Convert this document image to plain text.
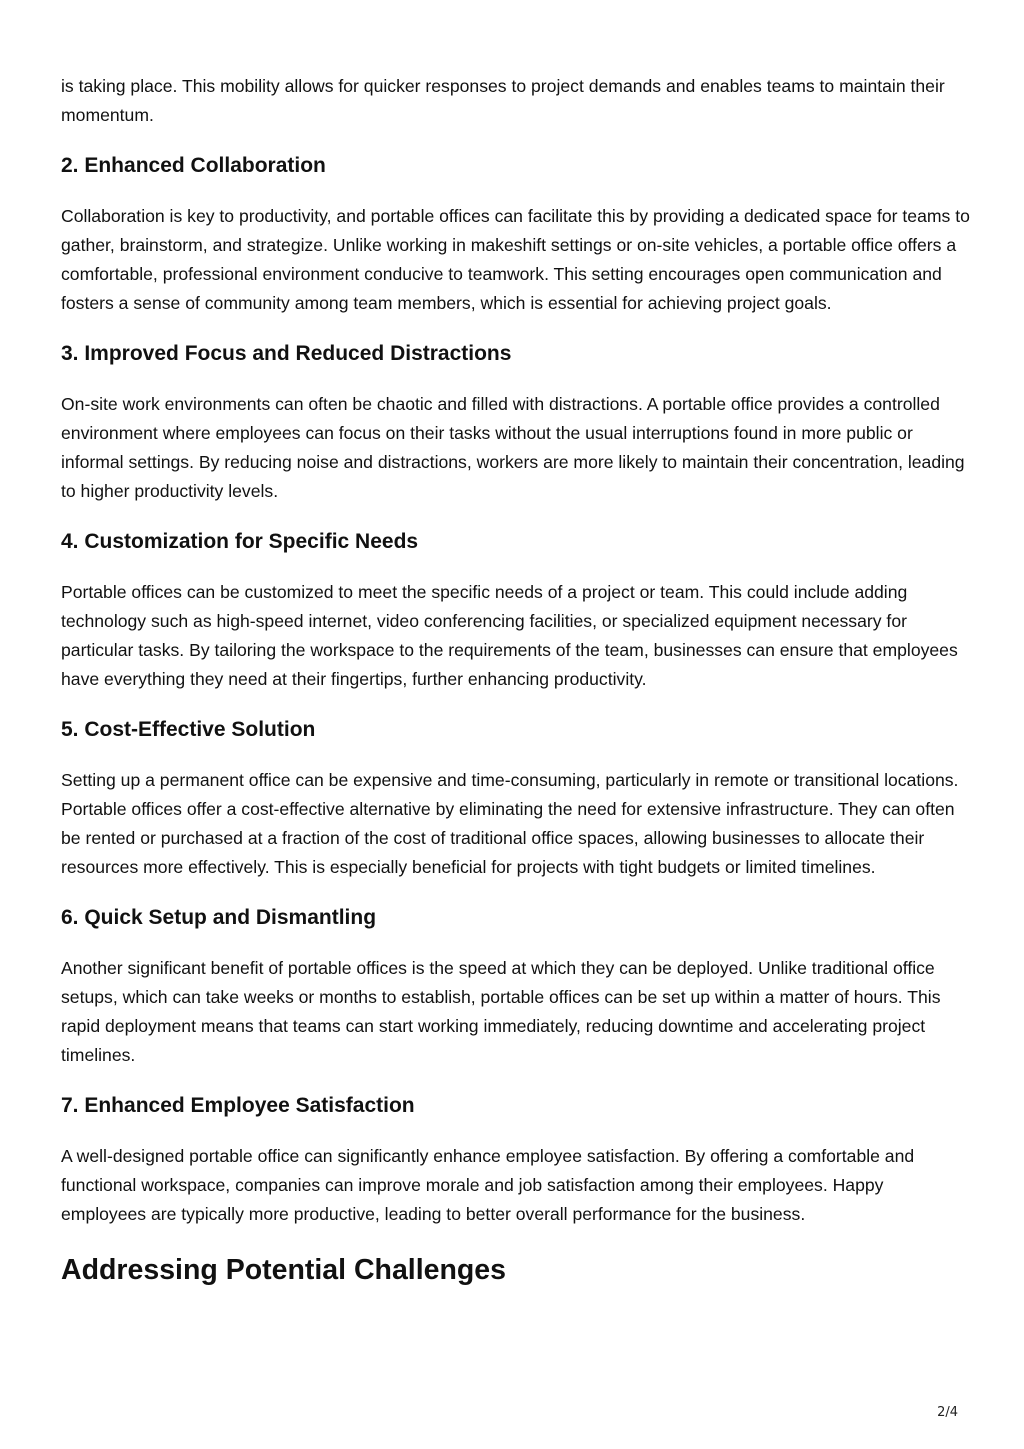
is taking place. This mobility allows for quicker responses to project demands and enables teams to maintain their momentum.

2. Enhanced Collaboration

Collaboration is key to productivity, and portable offices can facilitate this by providing a dedicated space for teams to gather, brainstorm, and strategize. Unlike working in makeshift settings or on-site vehicles, a portable office offers a comfortable, professional environment conducive to teamwork. This setting encourages open communication and fosters a sense of community among team members, which is essential for achieving project goals.

3. Improved Focus and Reduced Distractions

On-site work environments can often be chaotic and filled with distractions. A portable office provides a controlled environment where employees can focus on their tasks without the usual interruptions found in more public or informal settings. By reducing noise and distractions, workers are more likely to maintain their concentration, leading to higher productivity levels.

4. Customization for Specific Needs

Portable offices can be customized to meet the specific needs of a project or team. This could include adding technology such as high-speed internet, video conferencing facilities, or specialized equipment necessary for particular tasks. By tailoring the workspace to the requirements of the team, businesses can ensure that employees have everything they need at their fingertips, further enhancing productivity.

5. Cost-Effective Solution

Setting up a permanent office can be expensive and time-consuming, particularly in remote or transitional locations. Portable offices offer a cost-effective alternative by eliminating the need for extensive infrastructure. They can often be rented or purchased at a fraction of the cost of traditional office spaces, allowing businesses to allocate their resources more effectively. This is especially beneficial for projects with tight budgets or limited timelines.

6. Quick Setup and Dismantling

Another significant benefit of portable offices is the speed at which they can be deployed. Unlike traditional office setups, which can take weeks or months to establish, portable offices can be set up within a matter of hours. This rapid deployment means that teams can start working immediately, reducing downtime and accelerating project timelines.

7. Enhanced Employee Satisfaction

A well-designed portable office can significantly enhance employee satisfaction. By offering a comfortable and functional workspace, companies can improve morale and job satisfaction among their employees. Happy employees are typically more productive, leading to better overall performance for the business.

Addressing Potential Challenges
2/4
